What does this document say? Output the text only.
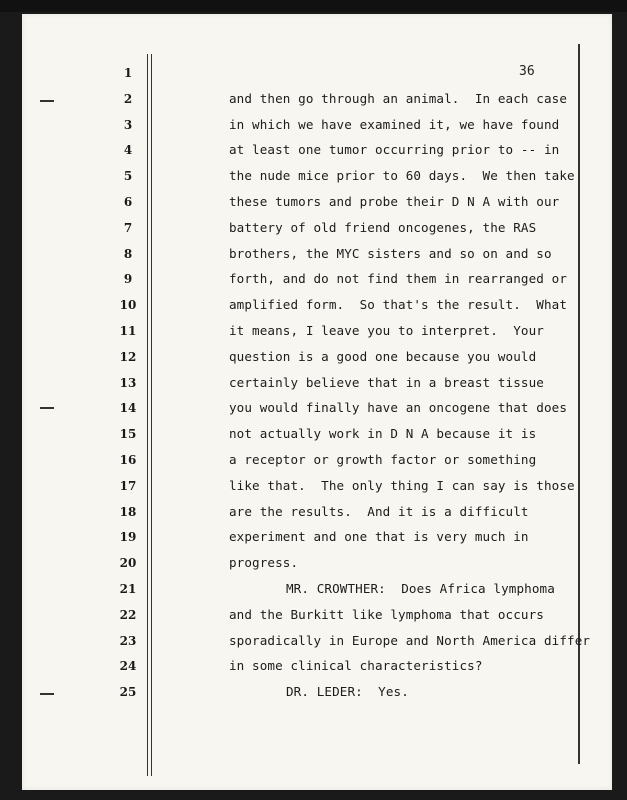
36
1
2
3
4
5
6
7
8
9
10
11
12
13
14
15
16
17
18
19
20
21
22
23
24
25
and then go through an animal.  In each case
in which we have examined it, we have found
at least one tumor occurring prior to -- in
the nude mice prior to 60 days.  We then take
these tumors and probe their D N A with our
battery of old friend oncogenes, the RAS
brothers, the MYC sisters and so on and so
forth, and do not find them in rearranged or
amplified form.  So that's the result.  What
it means, I leave you to interpret.  Your
question is a good one because you would
certainly believe that in a breast tissue
you would finally have an oncogene that does
not actually work in D N A because it is
a receptor or growth factor or something
like that.  The only thing I can say is those
are the results.  And it is a difficult
experiment and one that is very much in
progress.
MR. CROWTHER:  Does Africa lymphoma
and the Burkitt like lymphoma that occurs
sporadically in Europe and North America differ
in some clinical characteristics?
DR. LEDER:  Yes.
